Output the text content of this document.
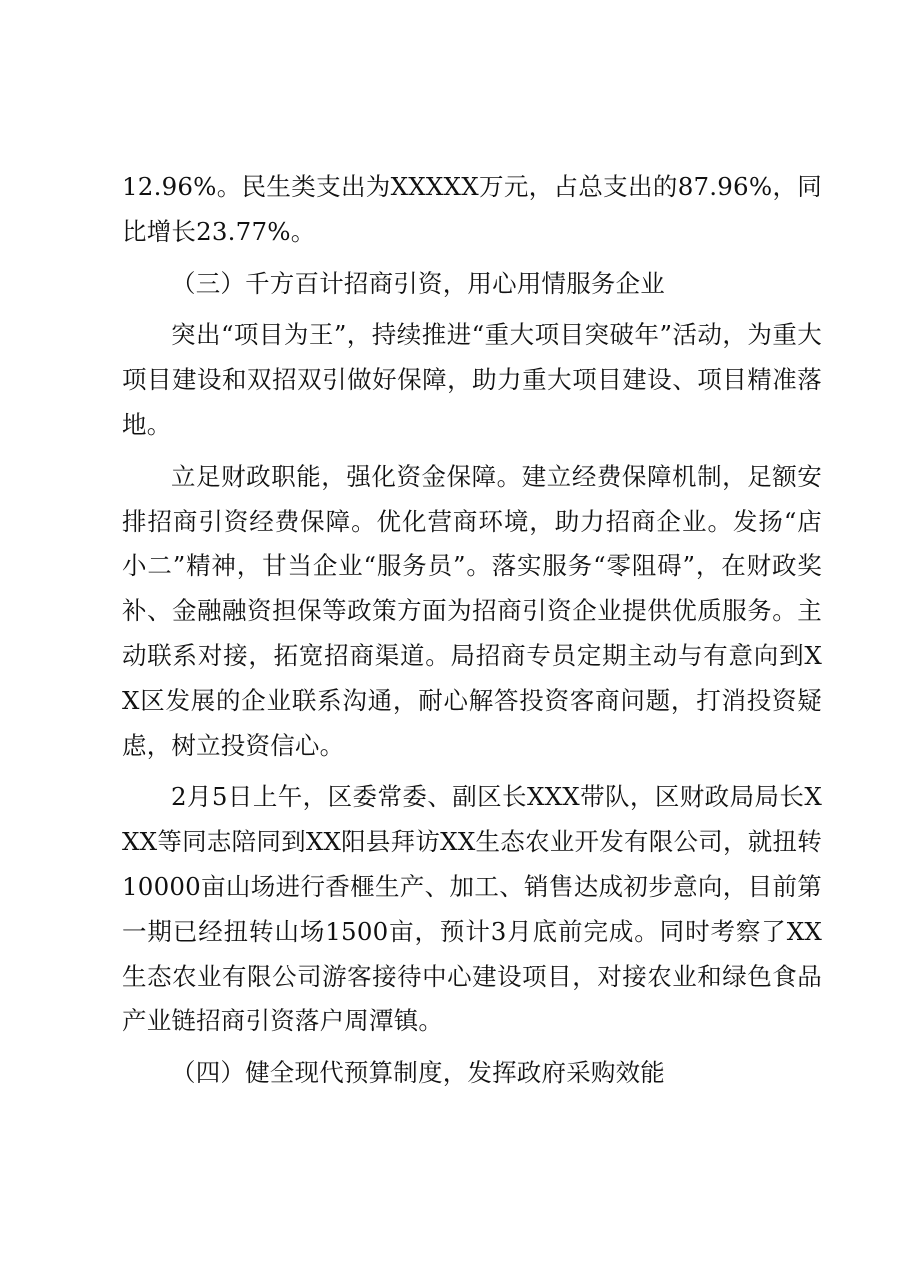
12.96%。民生类支出为XXXXX万元，占总支出的87.96%，同比增长23.77%。

（三）千方百计招商引资，用心用情服务企业

突出“项目为王”，持续推进“重大项目突破年”活动，为重大项目建设和双招双引做好保障，助力重大项目建设、项目精准落地。

立足财政职能，强化资金保障。建立经费保障机制，足额安排招商引资经费保障。优化营商环境，助力招商企业。发扬“店小二”精神，甘当企业“服务员”。落实服务“零阻碍”，在财政奖补、金融融资担保等政策方面为招商引资企业提供优质服务。主动联系对接，拓宽招商渠道。局招商专员定期主动与有意向到XX区发展的企业联系沟通，耐心解答投资客商问题，打消投资疑虑，树立投资信心。

2月5日上午，区委常委、副区长XXX带队，区财政局局长XXX等同志陪同到XX阳县拜访XX生态农业开发有限公司，就扭转10000亩山场进行香榧生产、加工、销售达成初步意向，目前第一期已经扭转山场1500亩，预计3月底前完成。同时考察了XX生态农业有限公司游客接待中心建设项目，对接农业和绿色食品产业链招商引资落户周潭镇。

（四）健全现代预算制度，发挥政府采购效能
